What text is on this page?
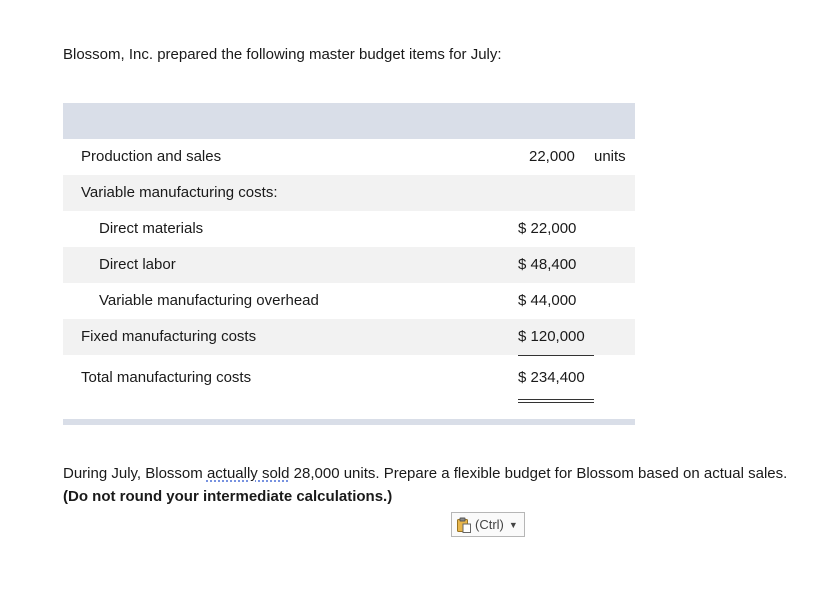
Blossom, Inc. prepared the following master budget items for July:

Production and sales	22,000 units
Variable manufacturing costs:
Direct materials	$ 22,000
Direct labor	$ 48,400
Variable manufacturing overhead	$ 44,000
Fixed manufacturing costs	$ 120,000
Total manufacturing costs	$ 234,400

During July, Blossom actually sold 28,000 units. Prepare a flexible budget for Blossom based on actual sales. (Do not round your intermediate calculations.)

(Ctrl) ▼
